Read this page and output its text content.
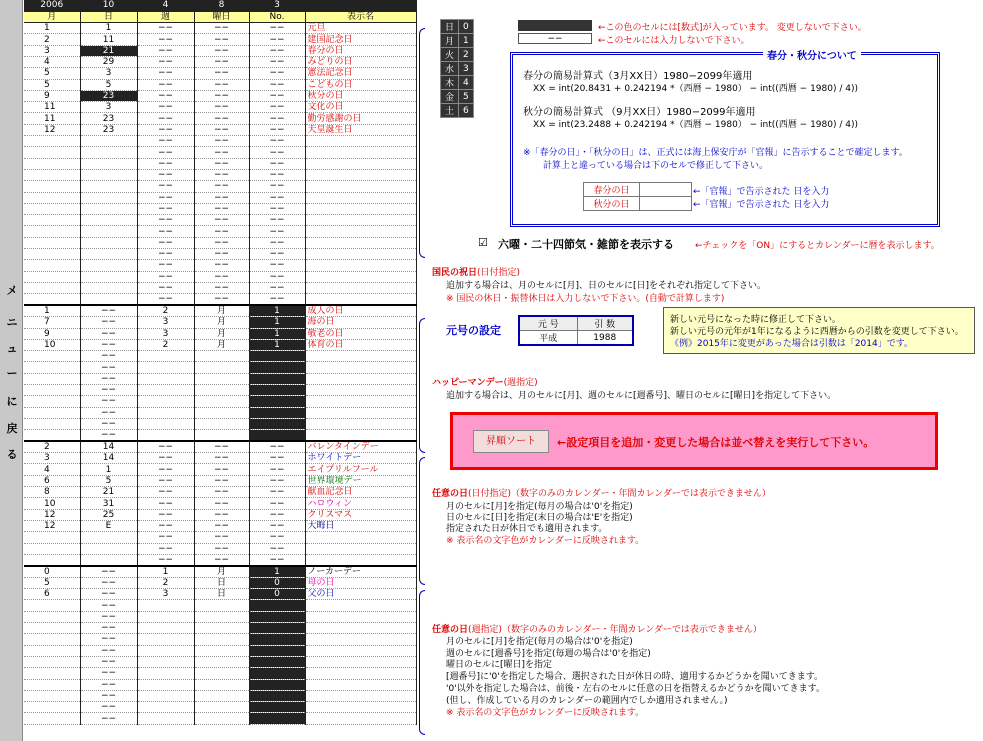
メ
ニ
ュ
ー
に
戻
る
2006	10	4	8	3	
月	日	週	曜日	No.	表示名
1	1	−−	−−	−−	元旦
2	11	−−	−−	−−	建国記念日
3	21	−−	−−	−−	春分の日
4	29	−−	−−	−−	みどりの日
5	3	−−	−−	−−	憲法記念日
5	5	−−	−−	−−	こどもの日
9	23	−−	−−	−−	秋分の日
11	3	−−	−−	−−	文化の日
11	23	−−	−−	−−	勤労感謝の日
12	23	−−	−−	−−	天皇誕生日
		−−	−−	−−	
		−−	−−	−−	
		−−	−−	−−	
		−−	−−	−−	
		−−	−−	−−	
		−−	−−	−−	
		−−	−−	−−	
		−−	−−	−−	
		−−	−−	−−	
		−−	−−	−−	
		−−	−−	−−	
		−−	−−	−−	
		−−	−−	−−	
		−−	−−	−−	
		−−	−−	−−	
1	−−	2	月	1	成人の日
7	−−	3	月	1	海の日
9	−−	3	月	1	敬老の日
10	−−	2	月	1	体育の日
	−−				
	−−				
	−−				
	−−				
	−−				
	−−				
	−−				
	−−				
2	14	−−	−−	−−	バレンタインデー
3	14	−−	−−	−−	ホワイトデー
4	1	−−	−−	−−	エイプリルフール
6	5	−−	−−	−−	世界環境デー
8	21	−−	−−	−−	献血記念日
10	31	−−	−−	−−	ハロウィン
12	25	−−	−−	−−	クリスマス
12	E	−−	−−	−−	大晦日
		−−	−−	−−	
		−−	−−	−−	
		−−	−−	−−	
0	−−	1	月	1	ノーカーデー
5	−−	2	日	0	母の日
6	−−	3	日	0	父の日
	−−				
	−−				
	−−				
	−−				
	−−				
	−−				
	−−				
	−−				
	−−				
	−−				
	−−				
日	0
月	1
火	2
水	3
木	4
金	5
土	6
←この色のセルには[数式]が入っています。 変更しないで下さい。
−−	←このセルには入力しないで下さい。
春分・秋分について
春分の簡易計算式（3月XX日）1980−2099年適用
XX = int(20.8431 + 0.242194 *（西暦 − 1980） − int((西暦 − 1980) / 4))
秋分の簡易計算式 （9月XX日）1980−2099年適用
XX = int(23.2488 + 0.242194 *（西暦 − 1980） − int((西暦 − 1980) / 4))
※「春分の日」・「秋分の日」は、正式には海上保安庁が「官報」に告示することで確定します。
計算上と違っている場合は下のセルで修正して下さい。
春分の日	
秋分の日	
←「官報」で告示された 日を入力
←「官報」で告示された 日を入力
☑ 六曜・二十四節気・雑節を表示する ←チェックを「ON」にするとカレンダーに暦を表示します。
国民の祝日(日付指定)
追加する場合は、月のセルに[月]、日のセルに[日]をそれぞれ指定して下さい。
※ 国民の休日・振替休日は入力しないで下さい。(自動で計算します)
元号の設定	元 号	引 数
平成	1988
新しい元号になった時に修正して下さい。
新しい元号の元年が1年になるように西暦からの引数を変更して下さい。
《例》2015年に変更があった場合は引数は「2014」です。
ハッピーマンデー(週指定)
追加する場合は、月のセルに[月]、週のセルに[週番号]、曜日のセルに[曜日]を指定して下さい。
昇順ソート	←設定項目を追加・変更した場合は並べ替えを実行して下さい。
任意の日(日付指定)（数字のみのカレンダー・年間カレンダーでは表示できません）
月のセルに[月]を指定(毎月の場合は'0'を指定)
日のセルに[日]を指定(末日の場合は'E'を指定)
指定された日が休日でも適用されます。
※ 表示名の文字色がカレンダーに反映されます。
任意の日(週指定)（数字のみのカレンダー・年間カレンダーでは表示できません）
月のセルに[月]を指定(毎月の場合は'0'を指定)
週のセルに[週番号]を指定(毎週の場合は'0'を指定)
曜日のセルに[曜日]を指定
[週番号]に'0'を指定した場合、選択された日が休日の時、適用するかどうかを聞いてきます。
'0'以外を指定した場合は、前後・左右のセルに任意の日を指替えるかどうかを聞いてきます。
(但し、作成している月のカレンダーの範囲内でしか適用されません。)
※ 表示名の文字色がカレンダーに反映されます。
